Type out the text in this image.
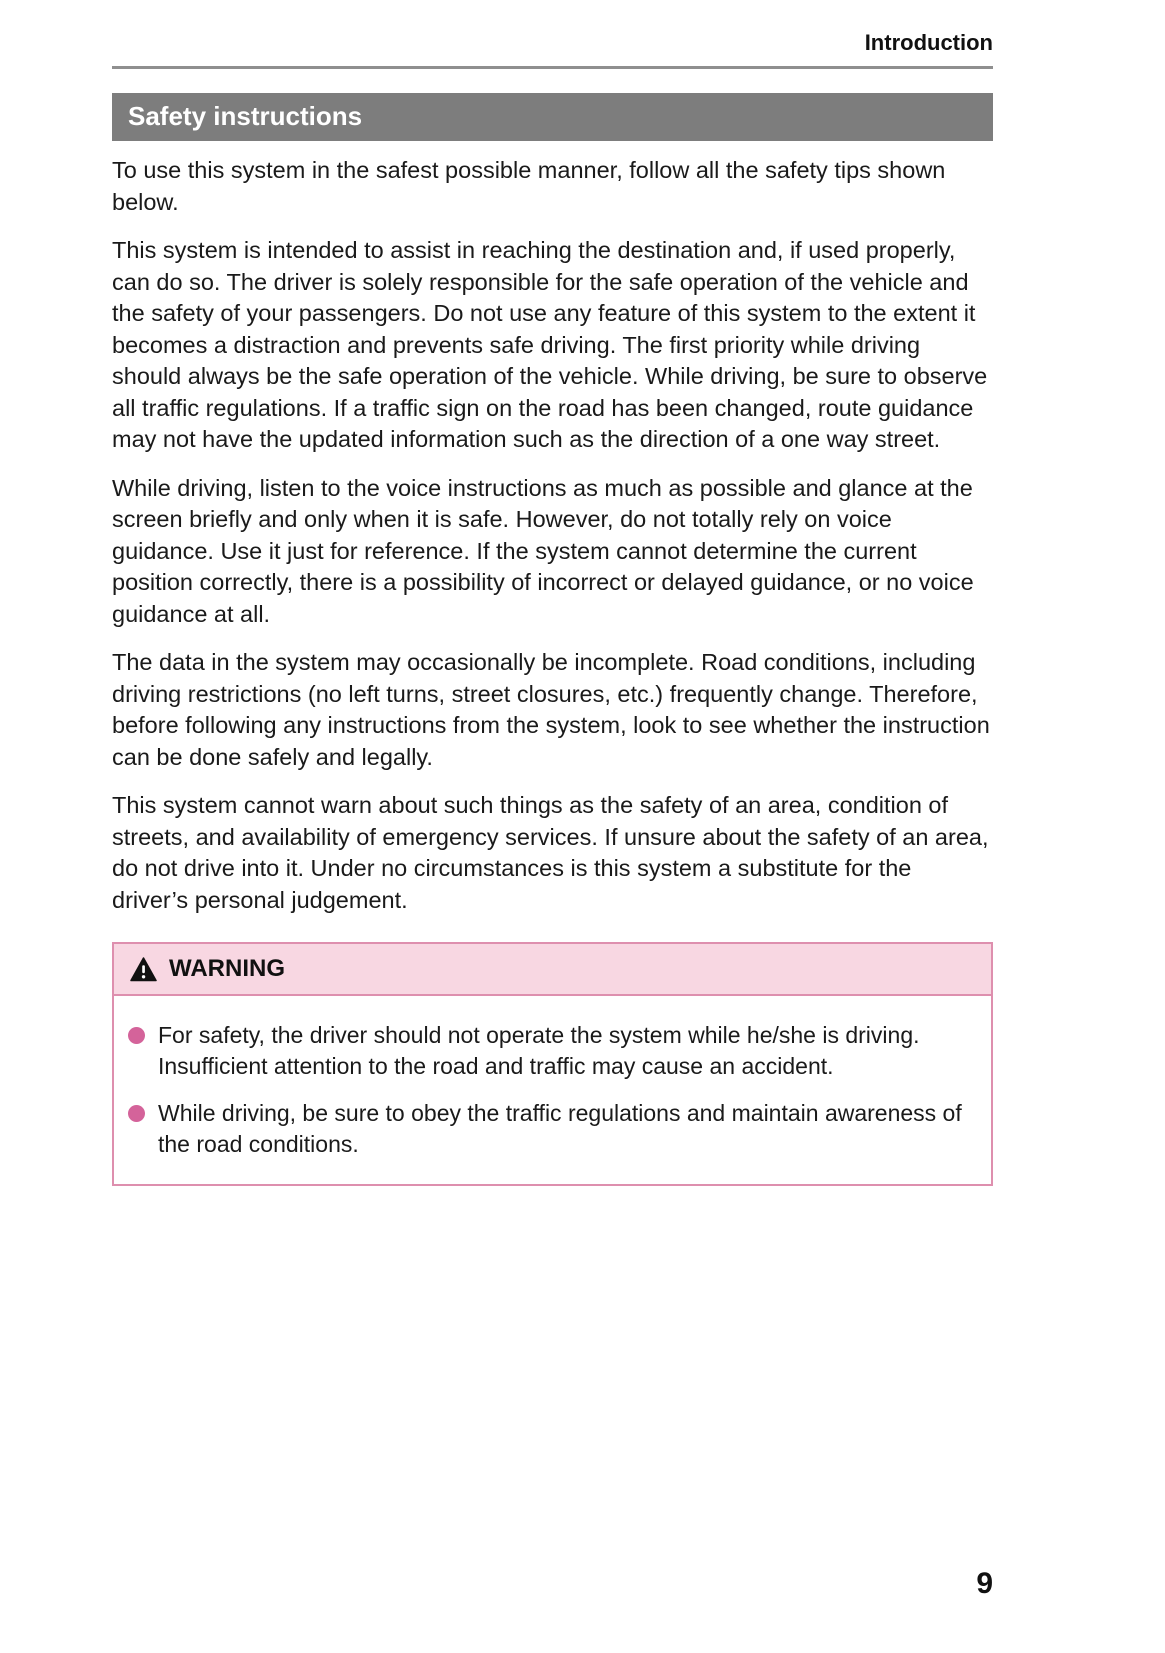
Introduction
Safety instructions

To use this system in the safest possible manner, follow all the safety tips shown below.

This system is intended to assist in reaching the destination and, if used properly, can do so. The driver is solely responsible for the safe operation of the vehicle and the safety of your passengers. Do not use any feature of this system to the extent it becomes a distraction and prevents safe driving. The first priority while driving should always be the safe operation of the vehicle. While driving, be sure to observe all traffic regulations. If a traffic sign on the road has been changed, route guidance may not have the updated information such as the direction of a one way street.

While driving, listen to the voice instructions as much as possible and glance at the screen briefly and only when it is safe. However, do not totally rely on voice guidance. Use it just for reference. If the system cannot determine the current position correctly, there is a possibility of incorrect or delayed guidance, or no voice guidance at all.

The data in the system may occasionally be incomplete. Road conditions, including driving restrictions (no left turns, street closures, etc.) frequently change. Therefore, before following any instructions from the system, look to see whether the instruction can be done safely and legally.

This system cannot warn about such things as the safety of an area, condition of streets, and availability of emergency services. If unsure about the safety of an area, do not drive into it. Under no circumstances is this system a substitute for the driver’s personal judgement.

WARNING
For safety, the driver should not operate the system while he/she is driving. Insufficient attention to the road and traffic may cause an accident.
While driving, be sure to obey the traffic regulations and maintain awareness of the road conditions.
9
